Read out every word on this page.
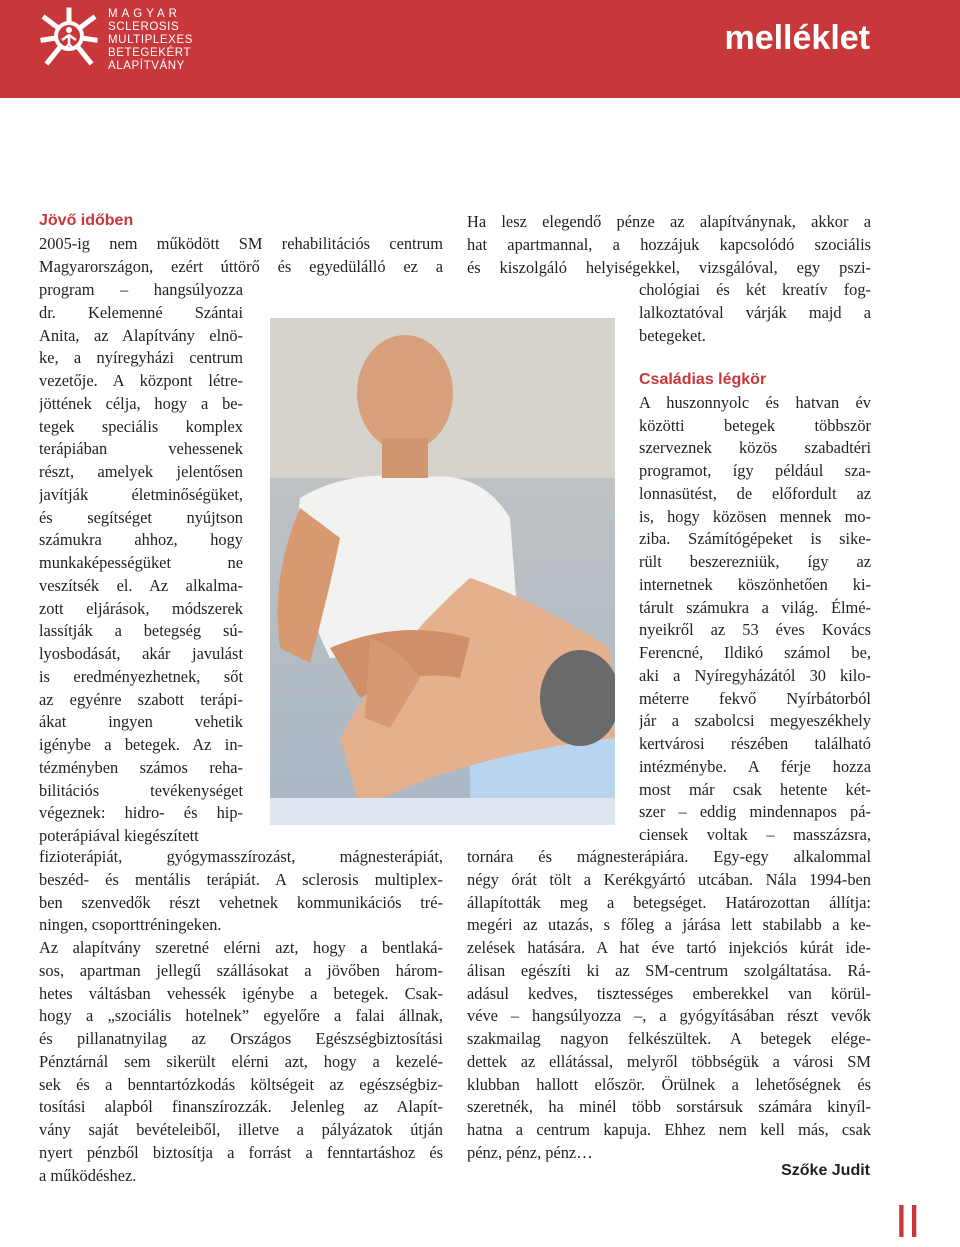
MAGYAR
SCLEROSIS
MULTIPLEXES
BETEGEKÉRT
ALAPÍTVÁNY
melléklet
Jövő időben
2005-ig nem működött SM rehabilitációs centrum
Magyarországon, ezért úttörő és egyedülálló ez a
program – hangsúlyozza
dr. Kelemenné Szántai
Anita, az Alapítvány elnö-
ke, a nyíregyházi centrum
vezetője. A központ létre-
jöttének célja, hogy a be-
tegek speciális komplex
terápiában vehessenek
részt, amelyek jelentősen
javítják életminőségüket,
és segítséget nyújtson
számukra ahhoz, hogy
munkaképességüket ne
veszítsék el. Az alkalma-
zott eljárások, módszerek
lassítják a betegség sú-
lyosbodását, akár javulást
is eredményezhetnek, sőt
az egyénre szabott terápi-
ákat ingyen vehetik
igénybe a betegek. Az in-
tézményben számos reha-
bilitációs tevékenységet
végeznek: hidro- és hip-
poterápiával kiegészített
fizioterápiát, gyógymasszírozást, mágnesterápiát,
beszéd- és mentális terápiát. A sclerosis multiplex-
ben szenvedők részt vehetnek kommunikációs tré-
ningen, csoporttréningeken.
Az alapítvány szeretné elérni azt, hogy a bentlaká-
sos, apartman jellegű szállásokat a jövőben három-
hetes váltásban vehessék igénybe a betegek. Csak-
hogy a „szociális hotelnek” egyelőre a falai állnak,
és pillanatnyilag az Országos Egészségbiztosítási
Pénztárnál sem sikerült elérni azt, hogy a kezelé-
sek és a benntartózkodás költségeit az egészségbiz-
tosítási alapból finanszírozzák. Jelenleg az Alapít-
vány saját bevételeiből, illetve a pályázatok útján
nyert pénzből biztosítja a forrást a fenntartáshoz és
a működéshez.
Ha lesz elegendő pénze az alapítványnak, akkor a
hat apartmannal, a hozzájuk kapcsolódó szociális
és kiszolgáló helyiségekkel, vizsgálóval, egy pszi-
chológiai és két kreatív fog-
lalkoztatóval várják majd a
betegeket.
Családias légkör
A huszonnyolc és hatvan év
közötti betegek többször
szerveznek közös szabadtéri
programot, így például sza-
lonnasütést, de előfordult az
is, hogy közösen mennek mo-
ziba. Számítógépeket is sike-
rült beszerezniük, így az
internetnek köszönhetően ki-
tárult számukra a világ. Élmé-
nyeikről az 53 éves Kovács
Ferencné, Ildikó számol be,
aki a Nyíregyházától 30 kilo-
méterre fekvő Nyírbátorból
jár a szabolcsi megyeszékhely
kertvárosi részében található
intézménybe. A férje hozza
most már csak hetente két-
szer – eddig mindennapos pá-
ciensek voltak – masszázsra,
tornára és mágnesterápiára. Egy-egy alkalommal
négy órát tölt a Kerékgyártó utcában. Nála 1994-ben
állapították meg a betegséget. Határozottan állítja:
megéri az utazás, s főleg a járása lett stabilabb a ke-
zelések hatására. A hat éve tartó injekciós kúrát ide-
álisan egészíti ki az SM-centrum szolgáltatása. Rá-
adásul kedves, tisztességes emberekkel van körül-
véve – hangsúlyozza –, a gyógyításában részt vevők
szakmailag nagyon felkészültek. A betegek elége-
dettek az ellátással, melyről többségük a városi SM
klubban hallott először. Örülnek a lehetőségnek és
szeretnék, ha minél több sorstársuk számára kinyíl-
hatna a centrum kapuja. Ehhez nem kell más, csak
pénz, pénz, pénz…
Szőke Judit
II
